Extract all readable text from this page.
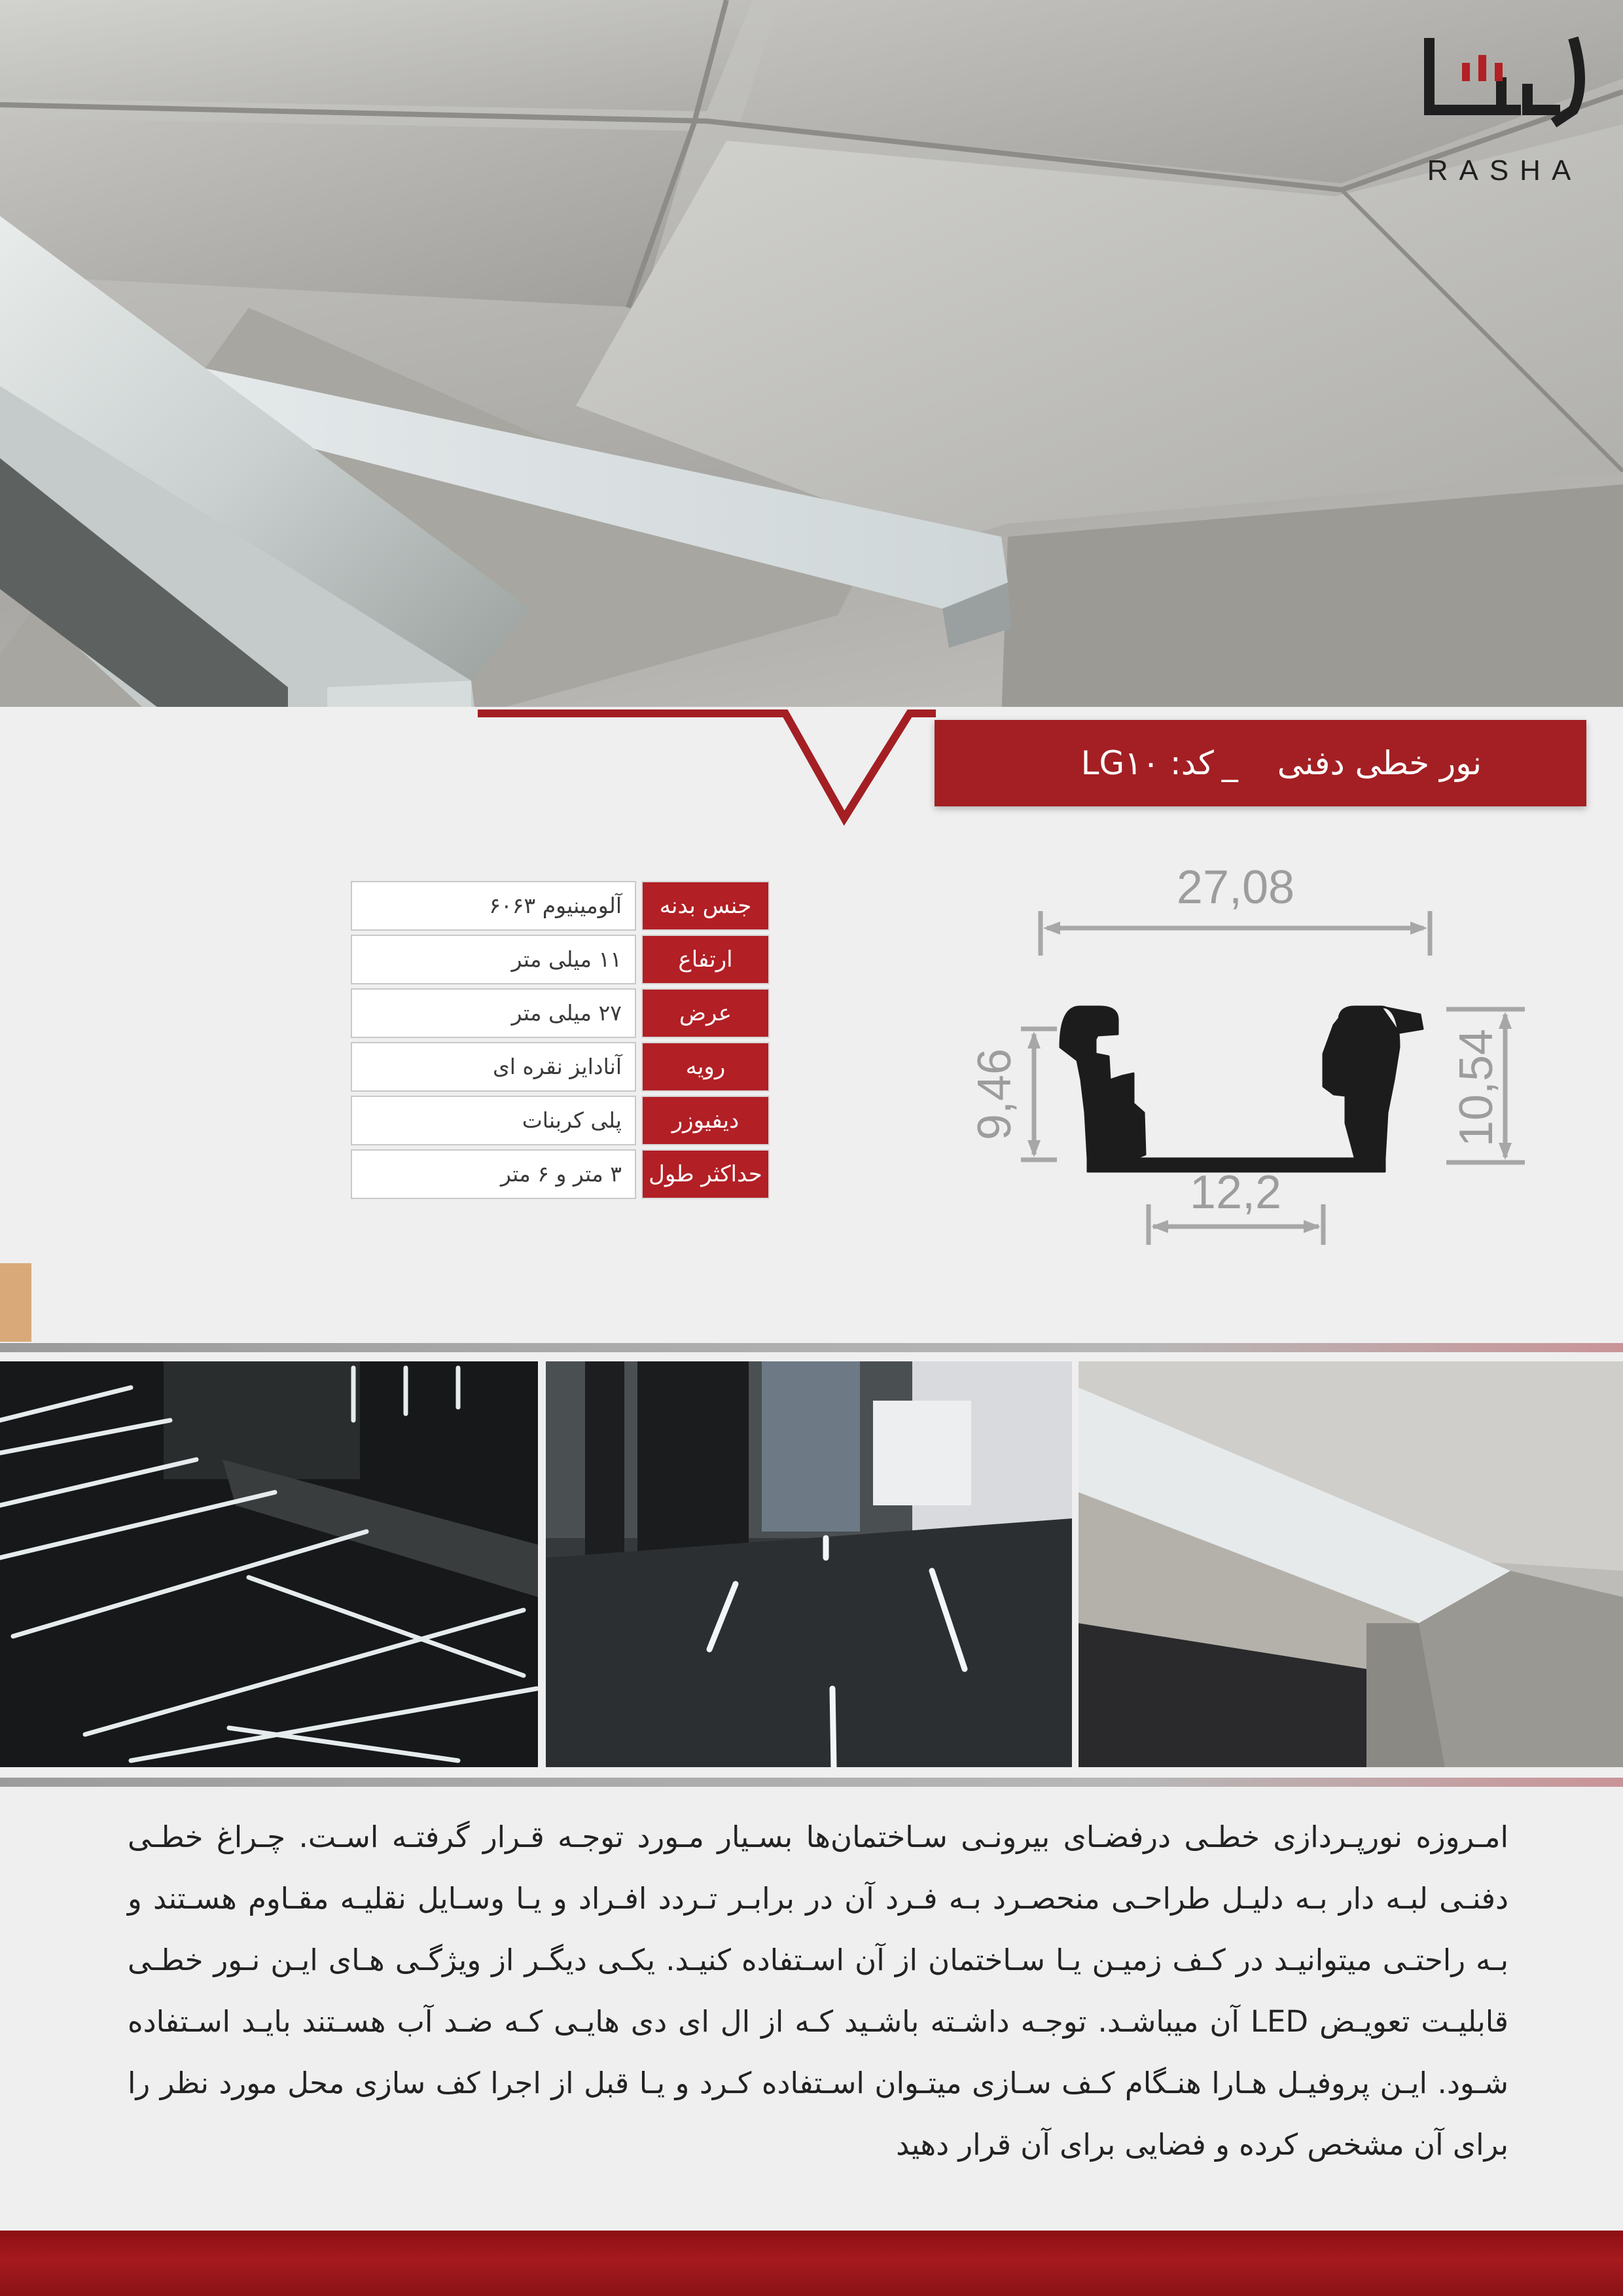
RASHA
نور خطی دفنی
_
کد: LG۱۰
آلومینیوم ۶۰۶۳	جنس بدنه
۱۱ میلی متر	ارتفاع
۲۷ میلی متر	عرض
آنادایز نقره ای	رویه
پلی کربنات	دیفیوزر
۳ متر و ۶ متر	حداکثر طول
27,08
12,2
9,46	10,54
امـروزه نورپـردازی خطـی درفضـای بیرونـی سـاختمان‌ها بسـیار مـورد توجـه قـرار گرفتـه اسـت. چـراغ خطـی دفنـی لبـه دار بـه دلیـل طراحـی منحصـرد بـه فـرد آن در برابـر تـردد افـراد و یـا وسـایل نقلیـه مقـاوم هسـتند و بـه راحتـی میتوانیـد در کـف زمیـن یـا سـاختمان از آن اسـتفاده کنیـد. یکـی دیگـر از ویژگـی هـای ایـن نـور خطـی قابلیـت تعویـض LED آن میباشـد. توجـه داشـته باشـید کـه از ال ای دی هایـی کـه ضـد آب هسـتند بایـد اسـتفاده شـود. ایـن پروفیـل هـارا هنـگام کـف سـازی میتـوان اسـتفاده کـرد و یـا قبل از اجرا کف سازی محل مورد نظر را برای آن مشخص کرده و فضایی برای آن قرار دهید
